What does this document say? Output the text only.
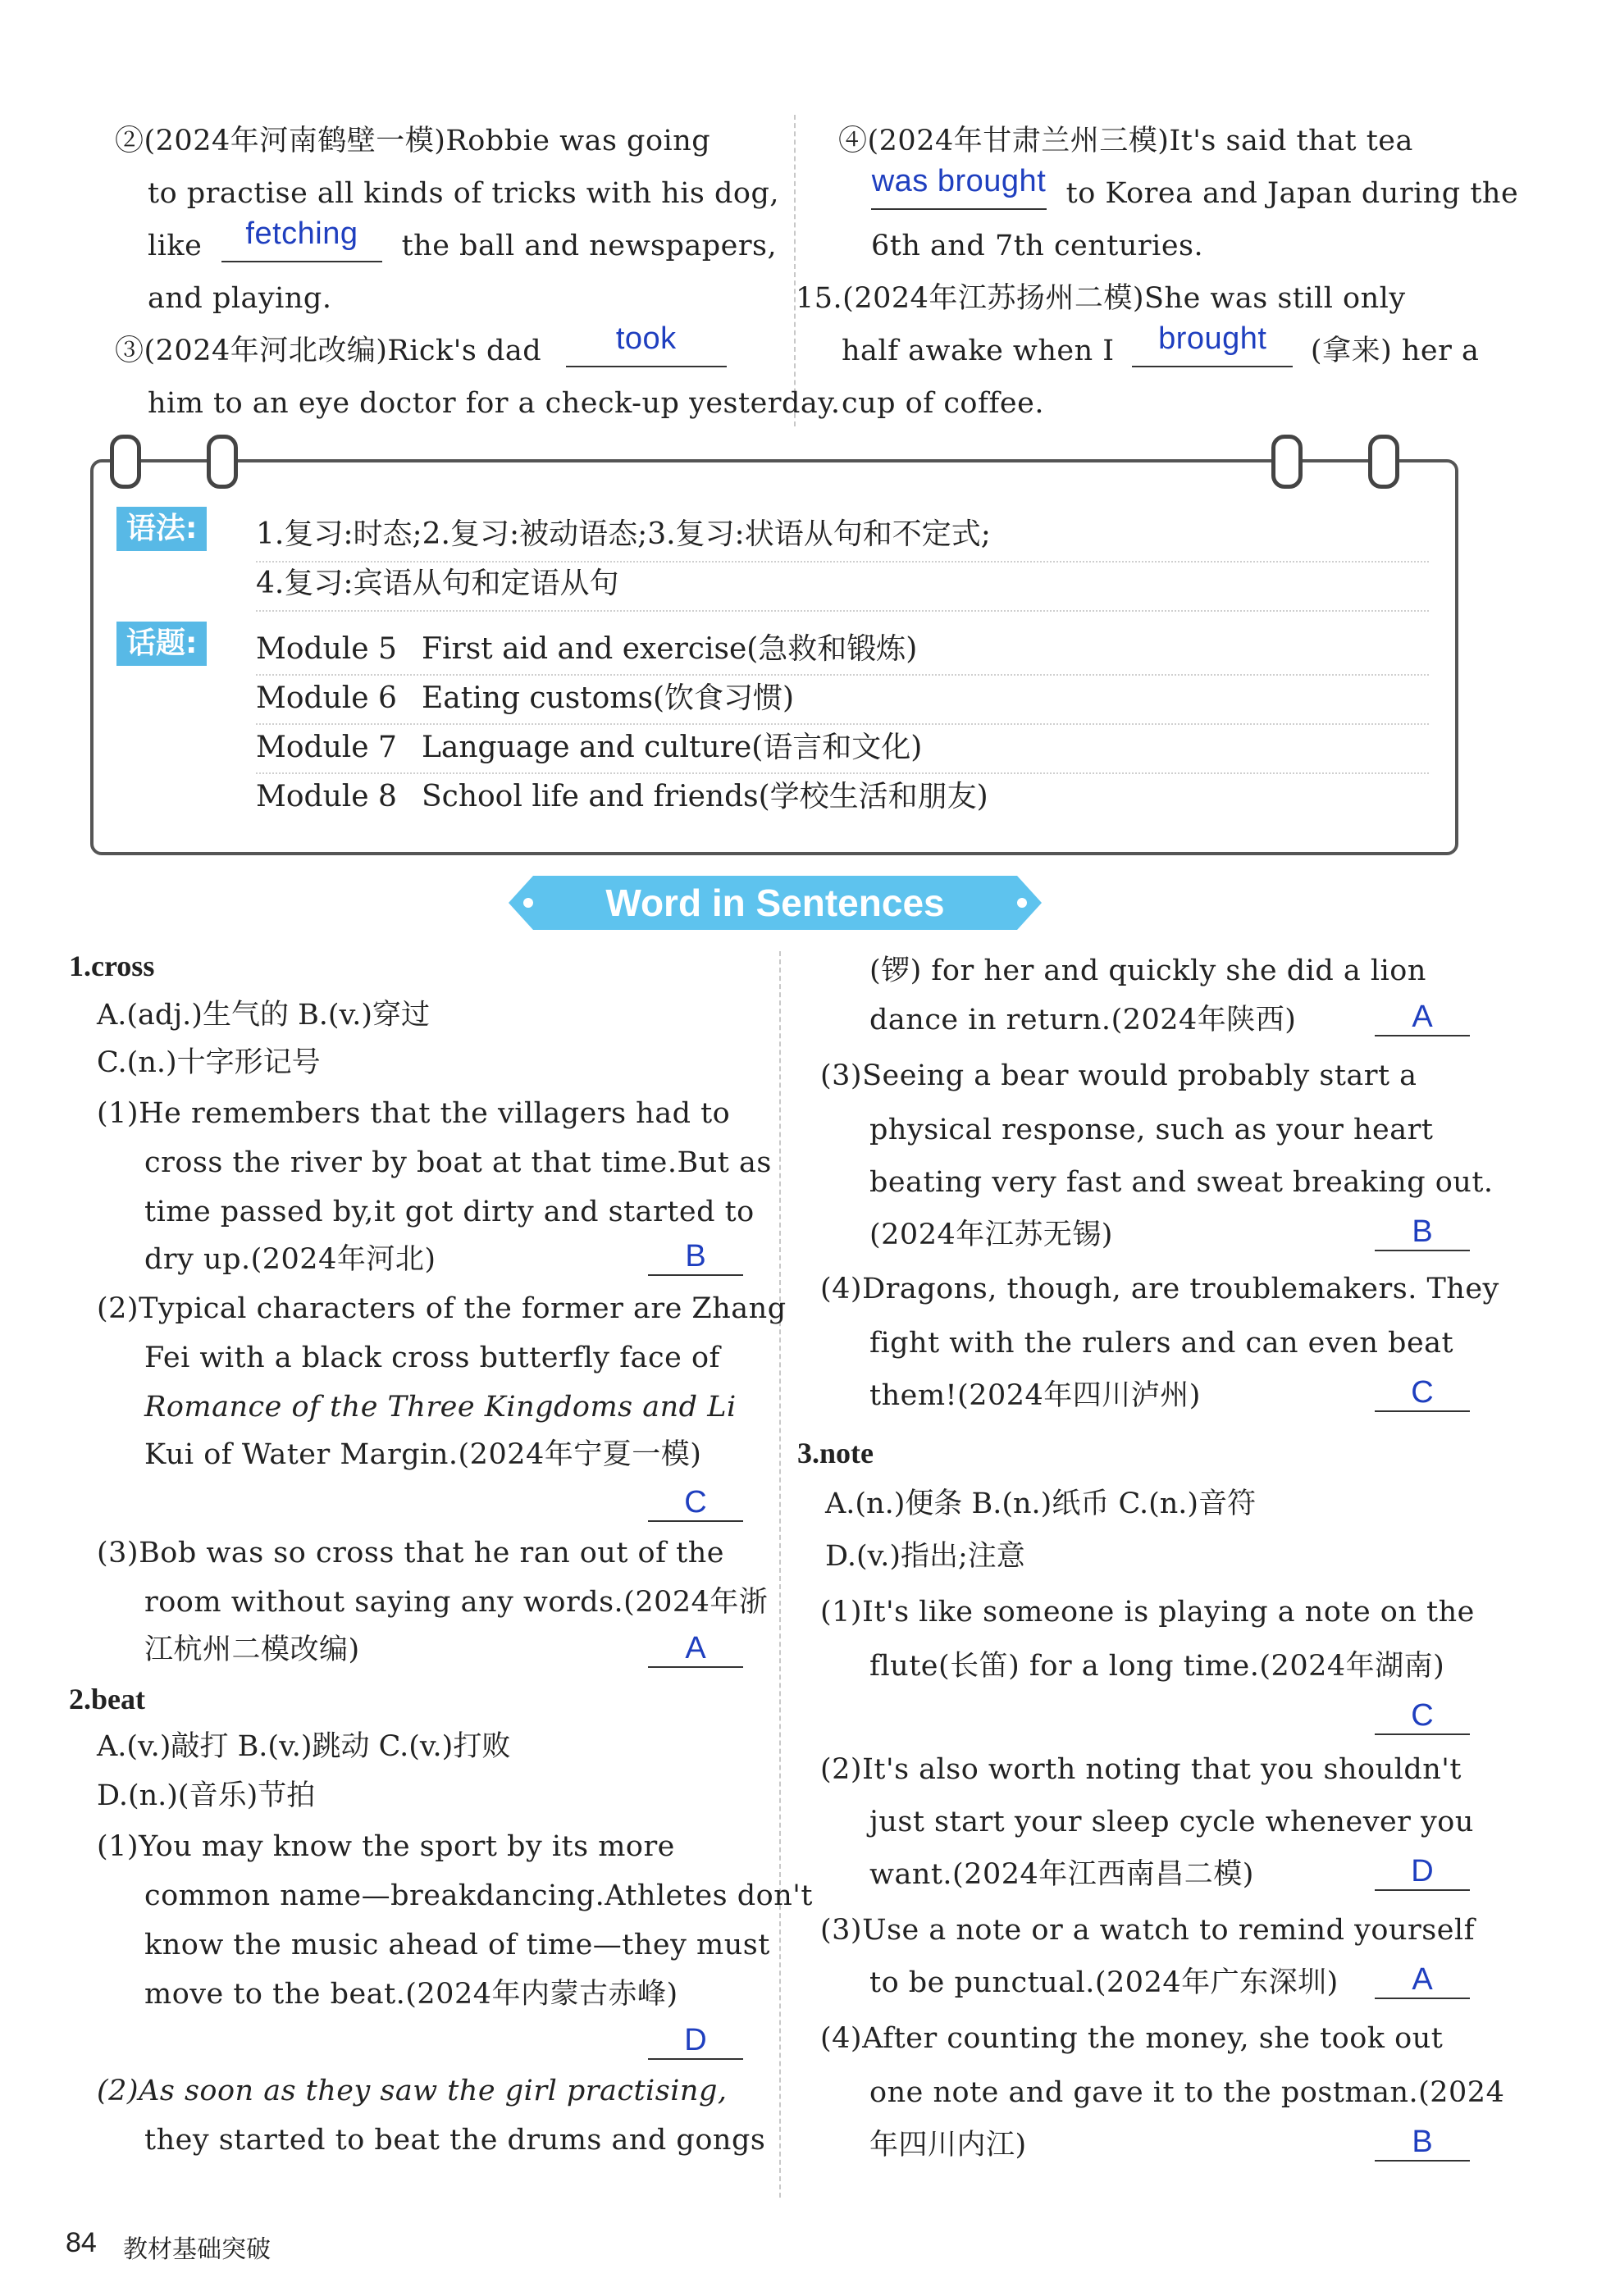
②(2024年河南鹤壁一模)Robbie was going
to practise all kinds of tricks with his dog,
like fetching the ball and newspapers,
and playing.
③(2024年河北改编)Rick's dad took
him to an eye doctor for a check-up yesterday.
④(2024年甘肃兰州三模)It's said that tea
was brought to Korea and Japan during the
6th and 7th centuries.
15.(2024年江苏扬州二模)She was still only
half awake when I brought (拿来) her a
cup of coffee.
语法:	1.复习:时态;2.复习:被动语态;3.复习:状语从句和不定式;
4.复习:宾语从句和定语从句
话题:	Module 5 First aid and exercise(急救和锻炼)
Module 6 Eating customs(饮食习惯)
Module 7 Language and culture(语言和文化)
Module 8 School life and friends(学校生活和朋友)
Word in Sentences
1.cross
A.(adj.)生气的 B.(v.)穿过
C.(n.)十字形记号
(1)He remembers that the villagers had to
cross the river by boat at that time.But as
time passed by,it got dirty and started to
dry up.(2024年河北)	B
(2)Typical characters of the former are Zhang
Fei with a black cross butterfly face of
Romance of the Three Kingdoms and Li
Kui of Water Margin.(2024年宁夏一模)
C
(3)Bob was so cross that he ran out of the
room without saying any words.(2024年浙
江杭州二模改编)	A
2.beat
A.(v.)敲打 B.(v.)跳动 C.(v.)打败
D.(n.)(音乐)节拍
(1)You may know the sport by its more
common name—breakdancing.Athletes don't
know the music ahead of time—they must
move to the beat.(2024年内蒙古赤峰)
D
(2)As soon as they saw the girl practising,
they started to beat the drums and gongs
(锣) for her and quickly she did a lion
dance in return.(2024年陕西)	A
(3)Seeing a bear would probably start a
physical response, such as your heart
beating very fast and sweat breaking out.
(2024年江苏无锡)	B
(4)Dragons, though, are troublemakers. They
fight with the rulers and can even beat
them!(2024年四川泸州)	C
3.note
A.(n.)便条 B.(n.)纸币 C.(n.)音符
D.(v.)指出;注意
(1)It's like someone is playing a note on the
flute(长笛) for a long time.(2024年湖南)
C
(2)It's also worth noting that you shouldn't
just start your sleep cycle whenever you
want.(2024年江西南昌二模)	D
(3)Use a note or a watch to remind yourself
to be punctual.(2024年广东深圳)	A
(4)After counting the money, she took out
one note and gave it to the postman.(2024
年四川内江)	B
84 教材基础突破
